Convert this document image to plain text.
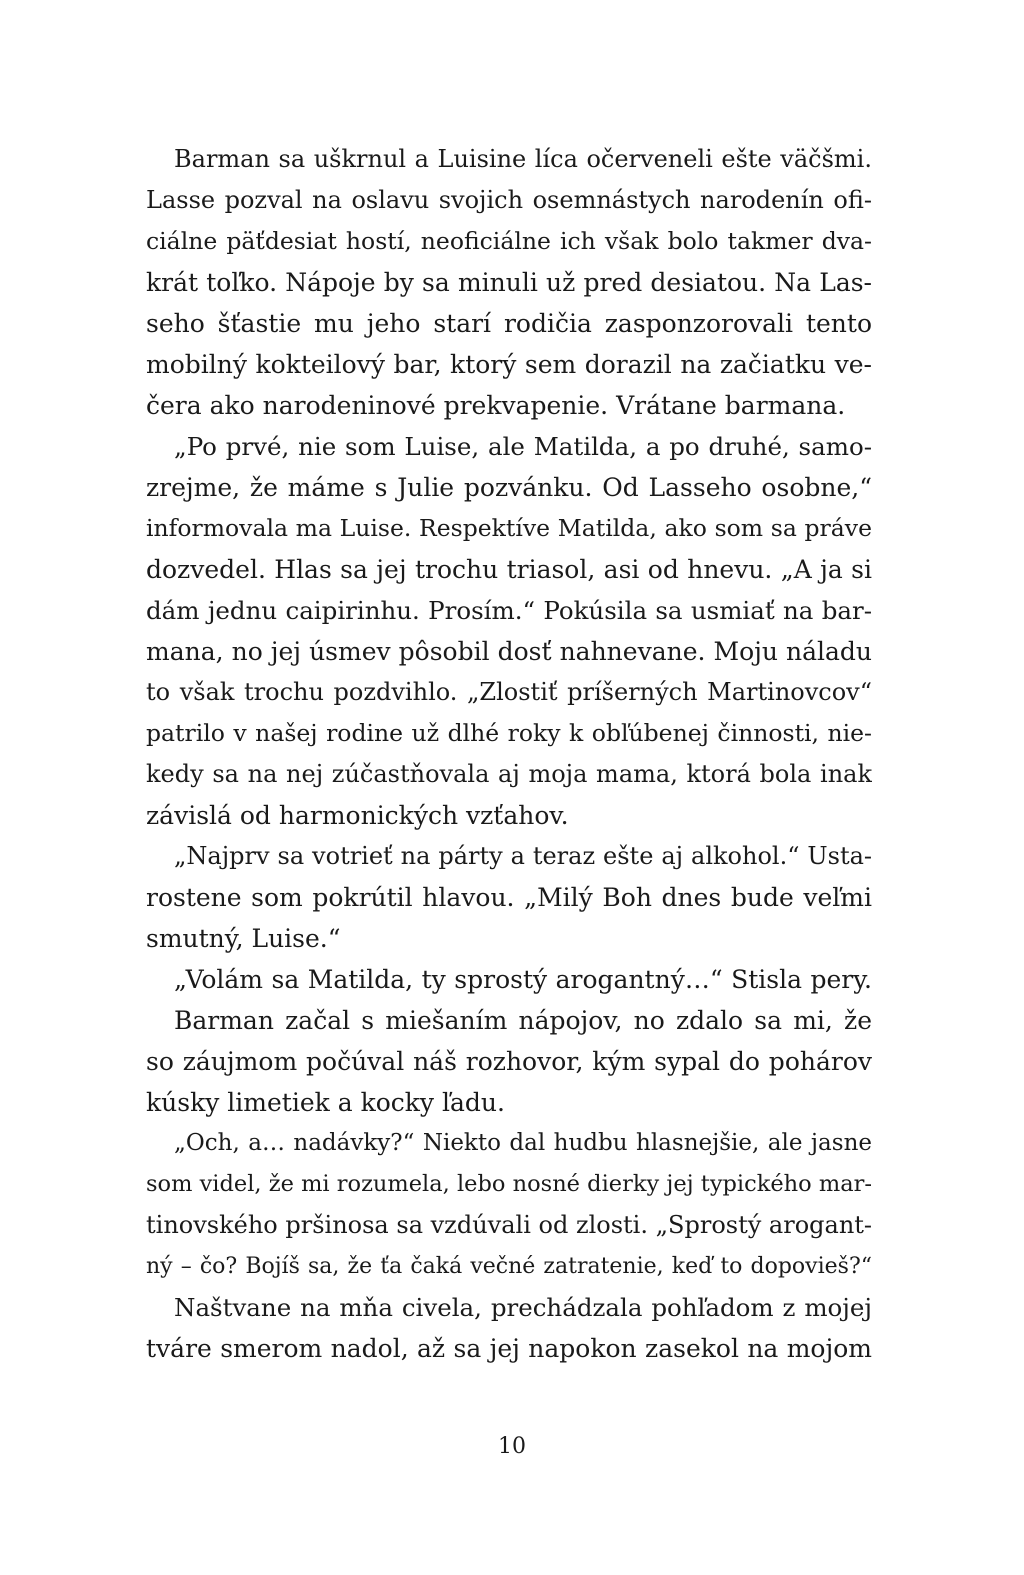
Barman sa uškrnul a Luisine líca očerveneli ešte väčšmi.
Lasse pozval na oslavu svojich osemnástych narodenín ofi-
ciálne päťdesiat hostí, neoficiálne ich však bolo takmer dva-
krát toľko. Nápoje by sa minuli už pred desiatou. Na Las-
seho šťastie mu jeho starí rodičia zasponzorovali tento
mobilný kokteilový bar, ktorý sem dorazil na začiatku ve-
čera ako narodeninové prekvapenie. Vrátane barmana.
„Po prvé, nie som Luise, ale Matilda, a po druhé, samo-
zrejme, že máme s Julie pozvánku. Od Lasseho osobne,“
informovala ma Luise. Respektíve Matilda, ako som sa práve
dozvedel. Hlas sa jej trochu triasol, asi od hnevu. „A ja si
dám jednu caipirinhu. Prosím.“ Pokúsila sa usmiať na bar-
mana, no jej úsmev pôsobil dosť nahnevane. Moju náladu
to však trochu pozdvihlo. „Zlostiť príšerných Martinovcov“
patrilo v našej rodine už dlhé roky k obľúbenej činnosti, nie-
kedy sa na nej zúčastňovala aj moja mama, ktorá bola inak
závislá od harmonických vzťahov.
„Najprv sa votrieť na párty a teraz ešte aj alkohol.“ Usta-
rostene som pokrútil hlavou. „Milý Boh dnes bude veľmi
smutný, Luise.“
„Volám sa Matilda, ty sprostý arogantný…“ Stisla pery.
Barman začal s miešaním nápojov, no zdalo sa mi, že
so záujmom počúval náš rozhovor, kým sypal do pohárov
kúsky limetiek a kocky ľadu.
„Och, a… nadávky?“ Niekto dal hudbu hlasnejšie, ale jasne
som videl, že mi rozumela, lebo nosné dierky jej typického mar-
tinovského pršinosa sa vzdúvali od zlosti. „Sprostý arogant-
ný – čo? Bojíš sa, že ťa čaká večné zatratenie, keď to dopovieš?“
Naštvane na mňa civela, prechádzala pohľadom z mojej
tváre smerom nadol, až sa jej napokon zasekol na mojom
10
